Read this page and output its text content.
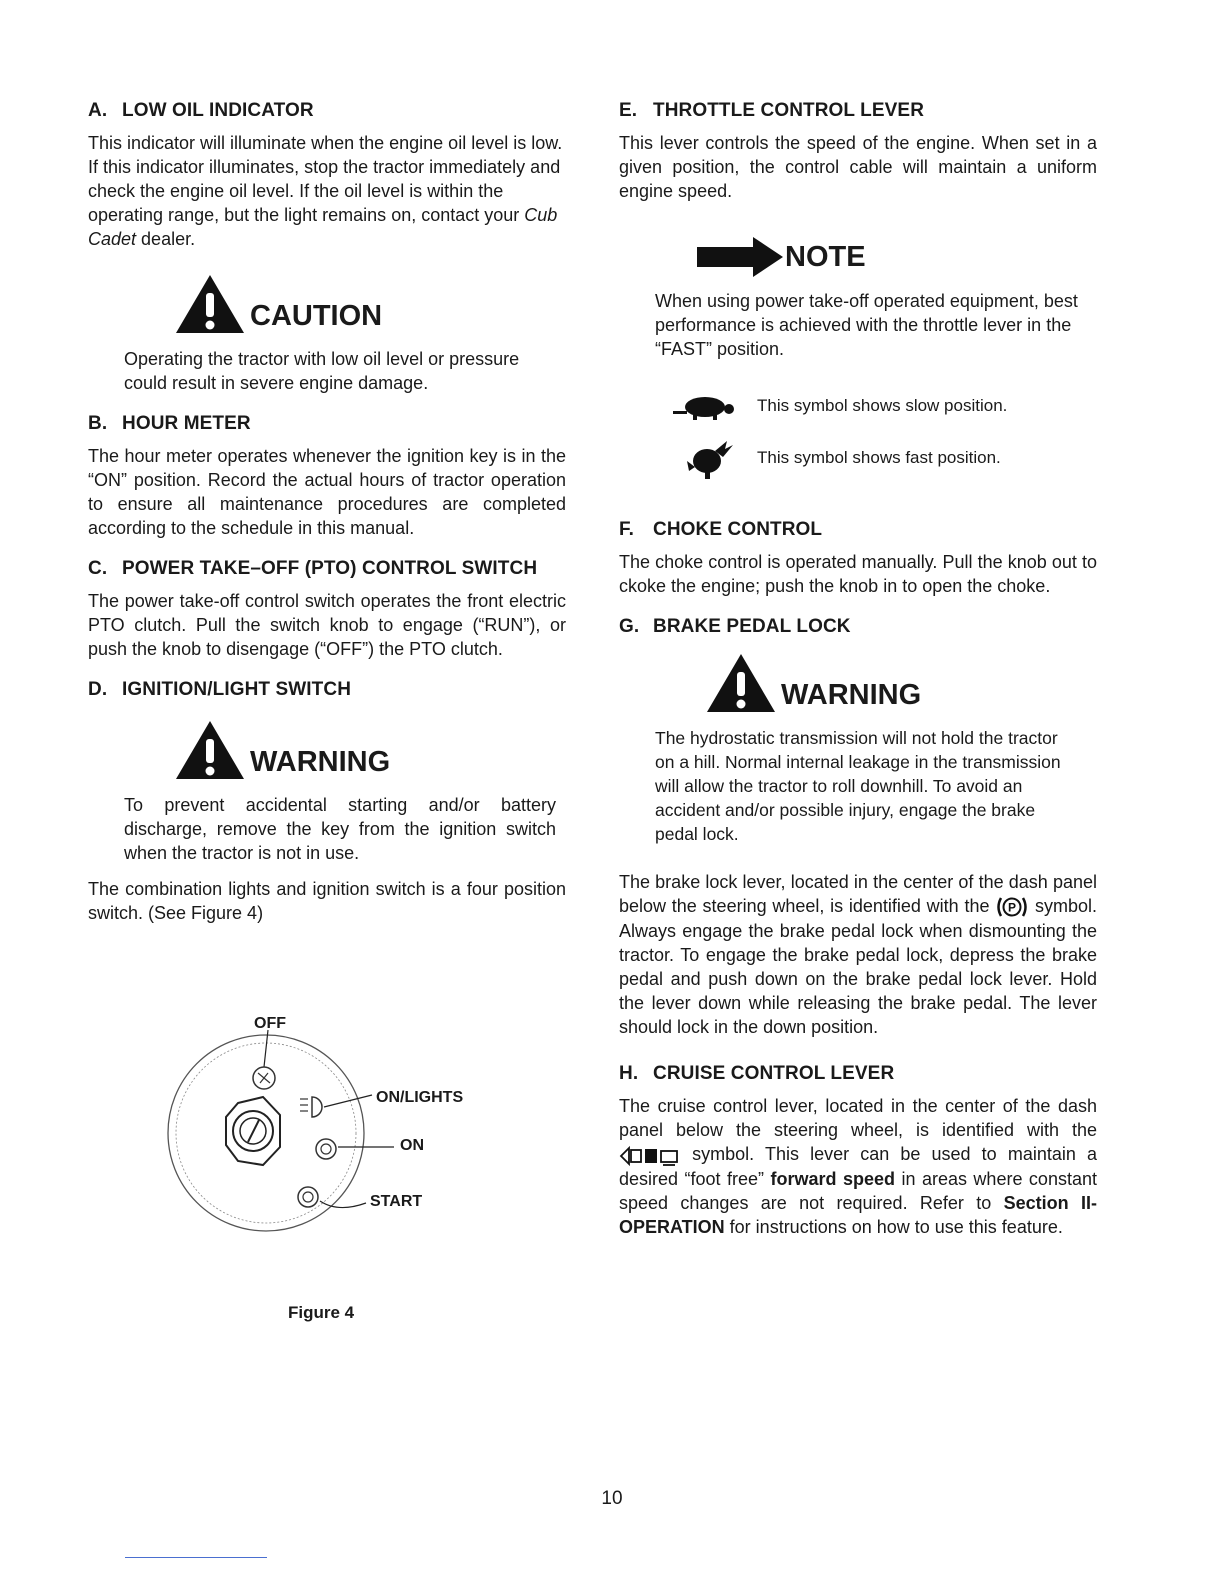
A. LOW OIL INDICATOR

This indicator will illuminate when the engine oil level is low. If this indicator illuminates, stop the tractor immediately and check the engine oil level. If the oil level is within the operating range, but the light remains on, contact your Cub Cadet dealer.

CAUTION

Operating the tractor with low oil level or pressure could result in severe engine damage.

B. HOUR METER

The hour meter operates whenever the ignition key is in the “ON” position. Record the actual hours of tractor operation to ensure all maintenance procedures are completed according to the schedule in this manual.

C. POWER TAKE–OFF (PTO) CONTROL SWITCH

The power take-off control switch operates the front electric PTO clutch. Pull the switch knob to engage (“RUN”), or push the knob to disengage (“OFF”) the PTO clutch.

D. IGNITION/LIGHT SWITCH
WARNING

To prevent accidental starting and/or battery discharge, remove the key from the ignition switch when the tractor is not in use.

The combination lights and ignition switch is a four position switch. (See Figure 4)

OFF
ON/LIGHTS
ON
START
Figure 4
E. THROTTLE CONTROL LEVER

This lever controls the speed of the engine. When set in a given position, the control cable will maintain a uniform engine speed.

NOTE

When using power take-off operated equipment, best performance is achieved with the throttle lever in the “FAST” position.

This symbol shows slow position.
This symbol shows fast position.
F. CHOKE CONTROL

The choke control is operated manually. Pull the knob out to ckoke the engine; push the knob in to open the choke.

G. BRAKE PEDAL LOCK
WARNING

The hydrostatic transmission will not hold the tractor on a hill. Normal internal leakage in the transmission will allow the tractor to roll downhill. To avoid an accident and/or possible injury, engage the brake pedal lock.

The brake lock lever, located in the center of the dash panel below the steering wheel, is identified with the P symbol. Always engage the brake pedal lock when dismounting the tractor. To engage the brake pedal lock, depress the brake pedal and push down on the brake pedal lock lever. Hold the lever down while releasing the brake pedal. The lever should lock in the down position.

H. CRUISE CONTROL LEVER

The cruise control lever, located in the center of the dash panel below the steering wheel, is identified with the  symbol. This lever can be used to maintain a desired “foot free” forward speed in areas where constant speed changes are not required. Refer to Section II- OPERATION for instructions on how to use this feature.

10
